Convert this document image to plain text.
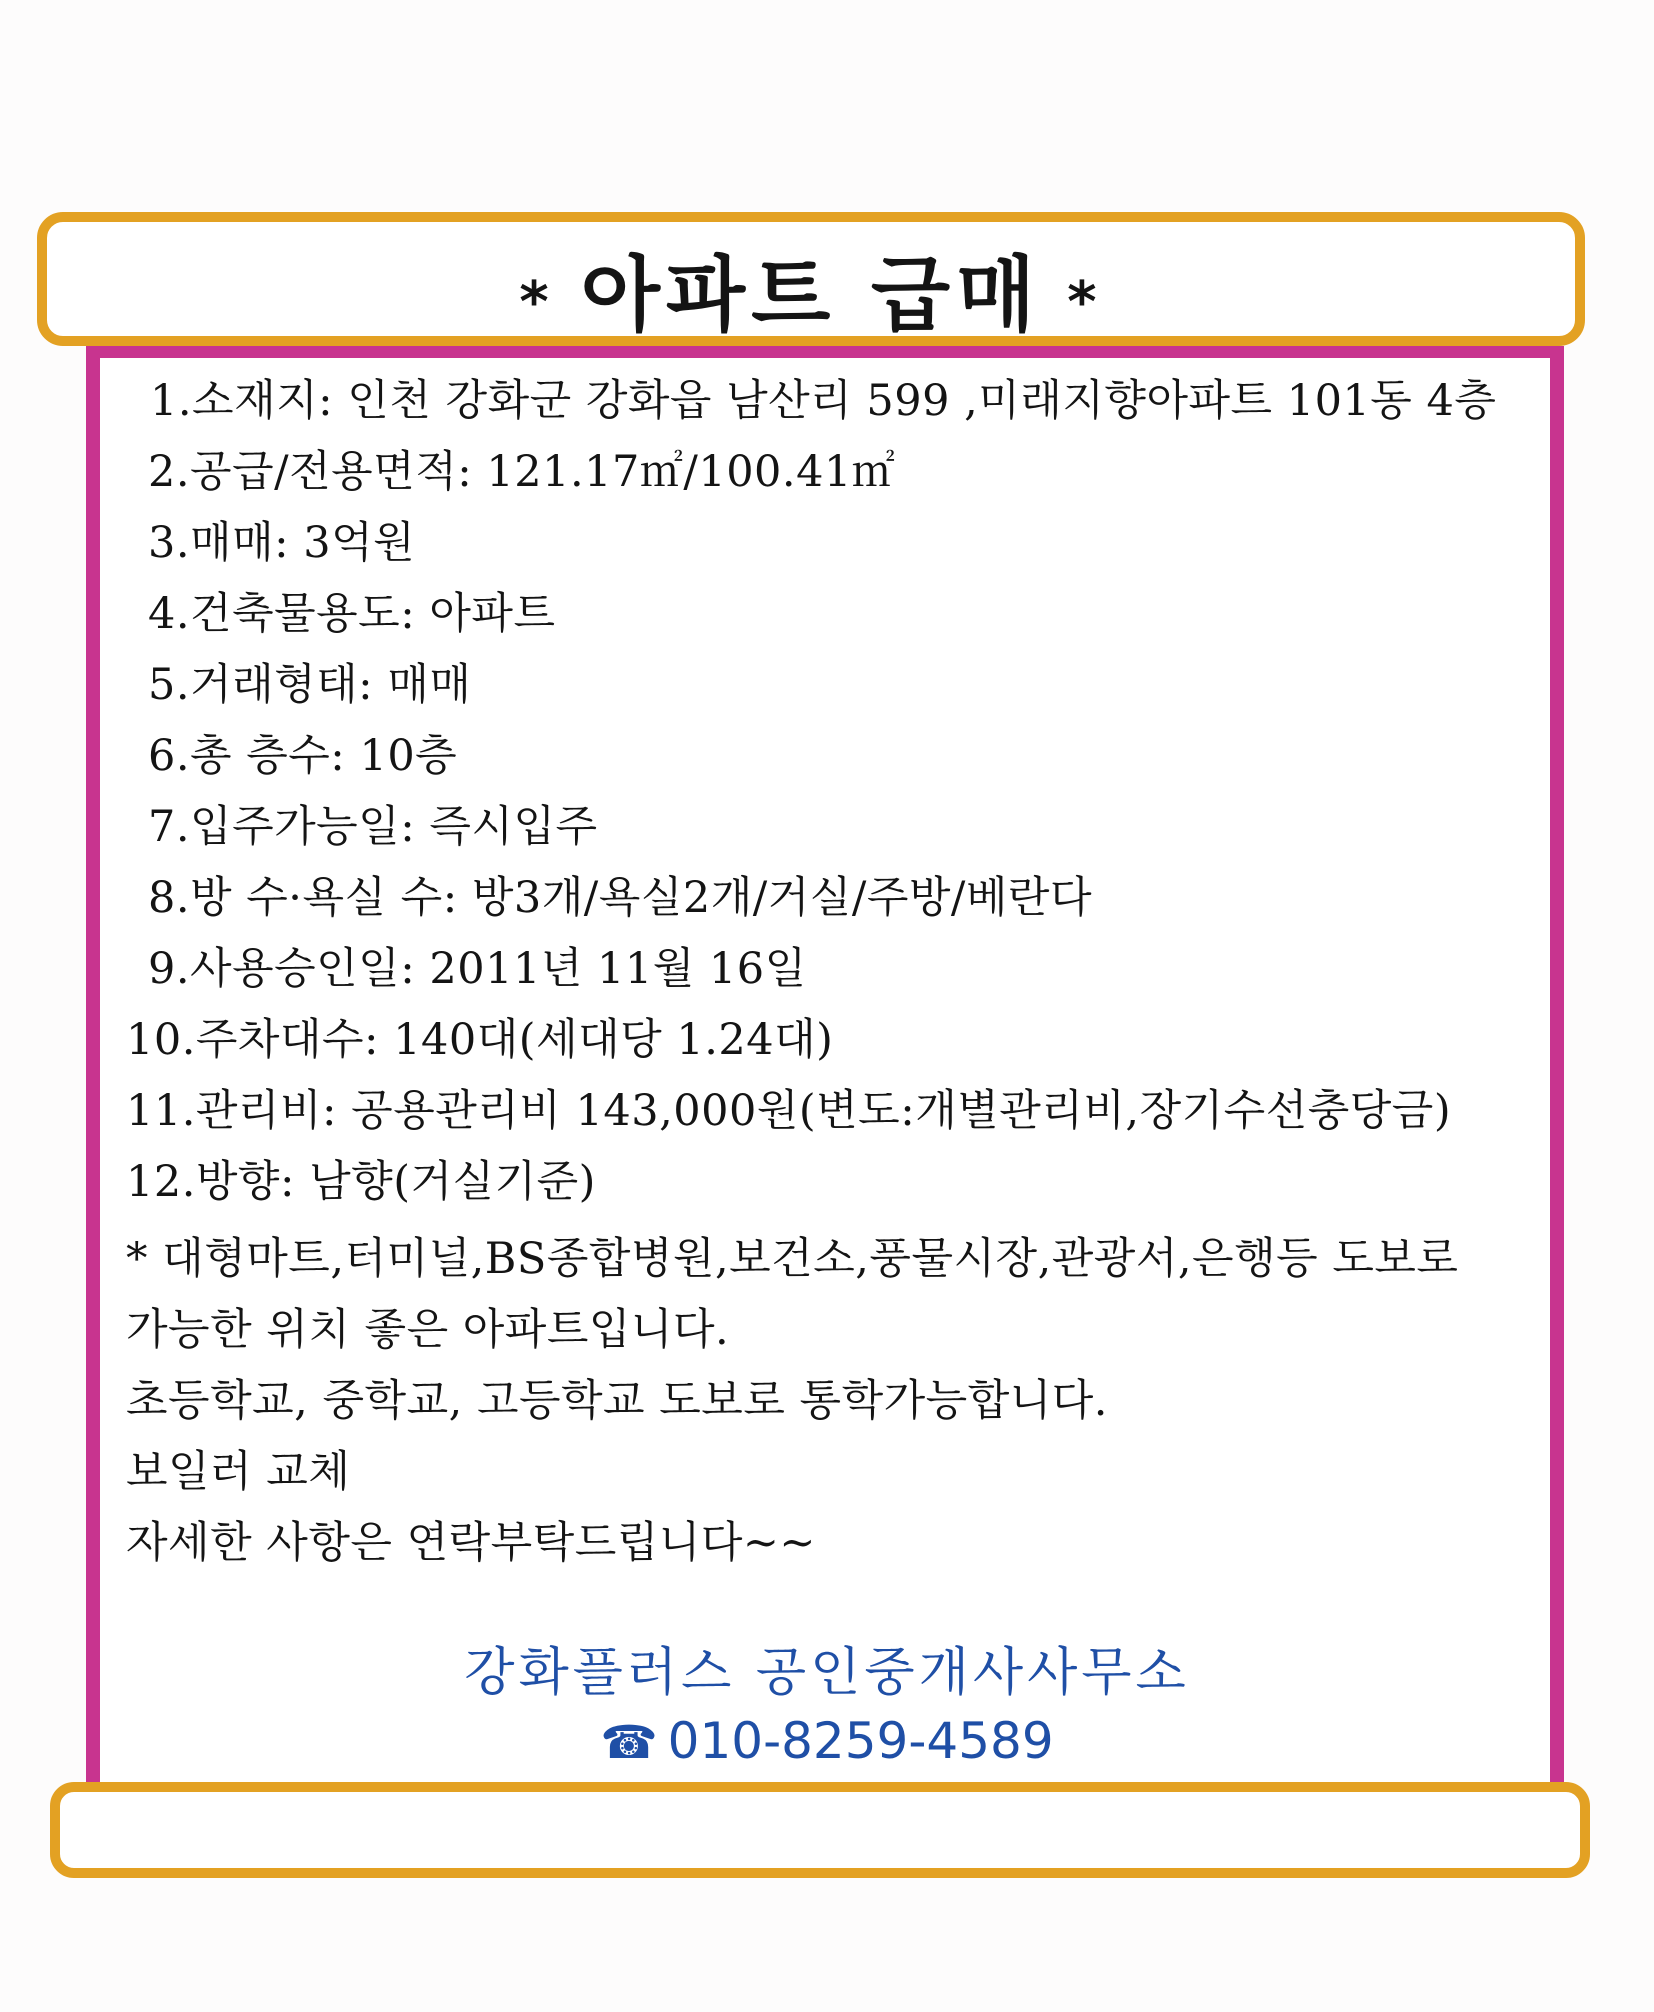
* 아파트 급매 *
1.소재지: 인천 강화군 강화읍 남산리 599 ,미래지향아파트 101동 4층
2.공급/전용면적: 121.17㎡/100.41㎡
3.매매: 3억원
4.건축물용도: 아파트
5.거래형태: 매매
6.총 층수: 10층
7.입주가능일: 즉시입주
8.방 수·욕실 수: 방3개/욕실2개/거실/주방/베란다
9.사용승인일: 2011년 11월 16일
10.주차대수: 140대(세대당 1.24대)
11.관리비: 공용관리비 143,000원(변도:개별관리비,장기수선충당금)
12.방향: 남향(거실기준)
* 대형마트,터미널,BS종합병원,보건소,풍물시장,관광서,은행등 도보로
가능한 위치 좋은 아파트입니다.
초등학교, 중학교, 고등학교 도보로 통학가능합니다.
보일러 교체
자세한 사항은 연락부탁드립니다~~
강화플러스 공인중개사사무소
☎ 010-8259-4589
